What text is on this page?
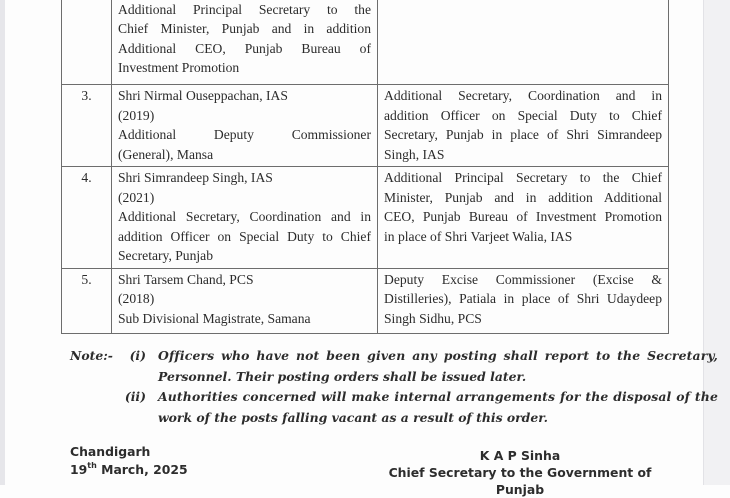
	Additional Principal Secretary to the
Chief Minister, Punjab and in addition
Additional CEO, Punjab Bureau of
Investment Promotion

3.	Shri Nirmal Ouseppachan, IAS
(2019)
Additional Deputy Commissioner
(General), Mansa	Additional Secretary, Coordination and in
addition Officer on Special Duty to Chief
Secretary, Punjab in place of Shri Simrandeep
Singh, IAS

4.	Shri Simrandeep Singh, IAS
(2021)
Additional Secretary, Coordination and in
addition Officer on Special Duty to Chief
Secretary, Punjab	Additional Principal Secretary to the Chief
Minister, Punjab and in addition Additional
CEO, Punjab Bureau of Investment Promotion
in place of Shri Varjeet Walia, IAS

5.	Shri Tarsem Chand, PCS
(2018)
Sub Divisional Magistrate, Samana	Deputy Excise Commissioner (Excise &
Distilleries), Patiala in place of Shri Udaydeep
Singh Sidhu, PCS
Note:-	(i) Officers who have not been given any posting shall report to the Secretary,
Personnel. Their posting orders shall be issued later.
(ii) Authorities concerned will make internal arrangements for the disposal of the
work of the posts falling vacant as a result of this order.
Chandigarh
19th March, 2025
K A P Sinha
Chief Secretary to the Government of Punjab
